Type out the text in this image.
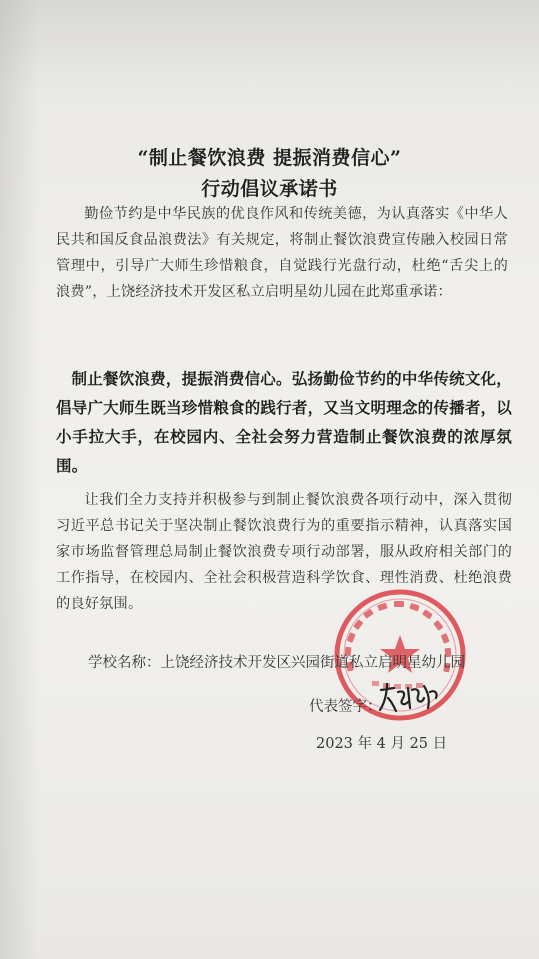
“制止餐饮浪费 提振消费信心”
行动倡议承诺书

勤俭节约是中华民族的优良作风和传统美德，为认真落实《中华人民共和国反食品浪费法》有关规定，将制止餐饮浪费宣传融入校园日常管理中，引导广大师生珍惜粮食，自觉践行光盘行动，杜绝“舌尖上的浪费”，上饶经济技术开发区私立启明星幼儿园在此郑重承诺：

制止餐饮浪费，提振消费信心。弘扬勤俭节约的中华传统文化，倡导广大师生既当珍惜粮食的践行者，又当文明理念的传播者，以小手拉大手，在校园内、全社会努力营造制止餐饮浪费的浓厚氛围。

让我们全力支持并积极参与到制止餐饮浪费各项行动中，深入贯彻习近平总书记关于坚决制止餐饮浪费行为的重要指示精神，认真落实国家市场监督管理总局制止餐饮浪费专项行动部署，服从政府相关部门的工作指导，在校园内、全社会积极营造科学饮食、理性消费、杜绝浪费的良好氛围。

学校名称：上饶经济技术开发区兴园街道私立启明星幼儿园
代表签字：
2023 年 4 月 25 日
